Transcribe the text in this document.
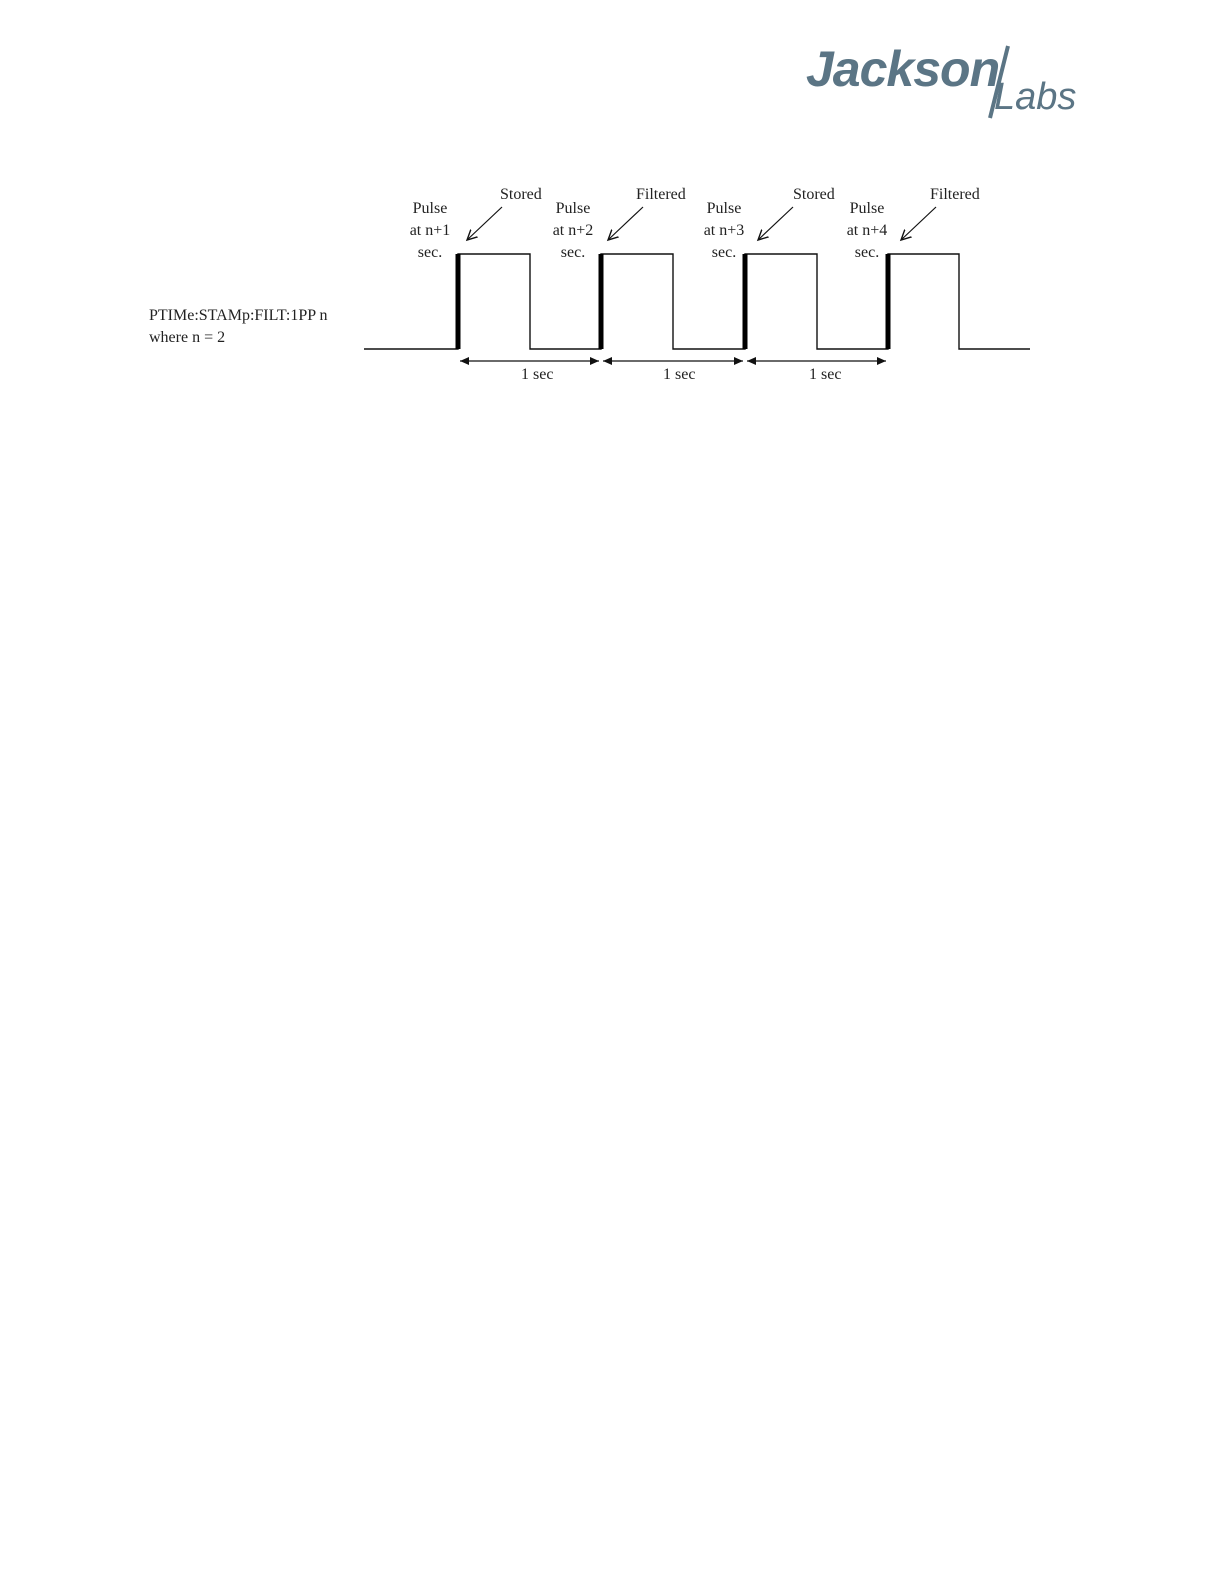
Jackson
Labs
PTIMe:STAMp:FILT:1PP n
where n = 2
Stored	Filtered	Stored	Filtered
Pulse
at n+1
sec.
Pulse
at n+2
sec.
Pulse
at n+3
sec.
Pulse
at n+4
sec.
1 sec	1 sec	1 sec
